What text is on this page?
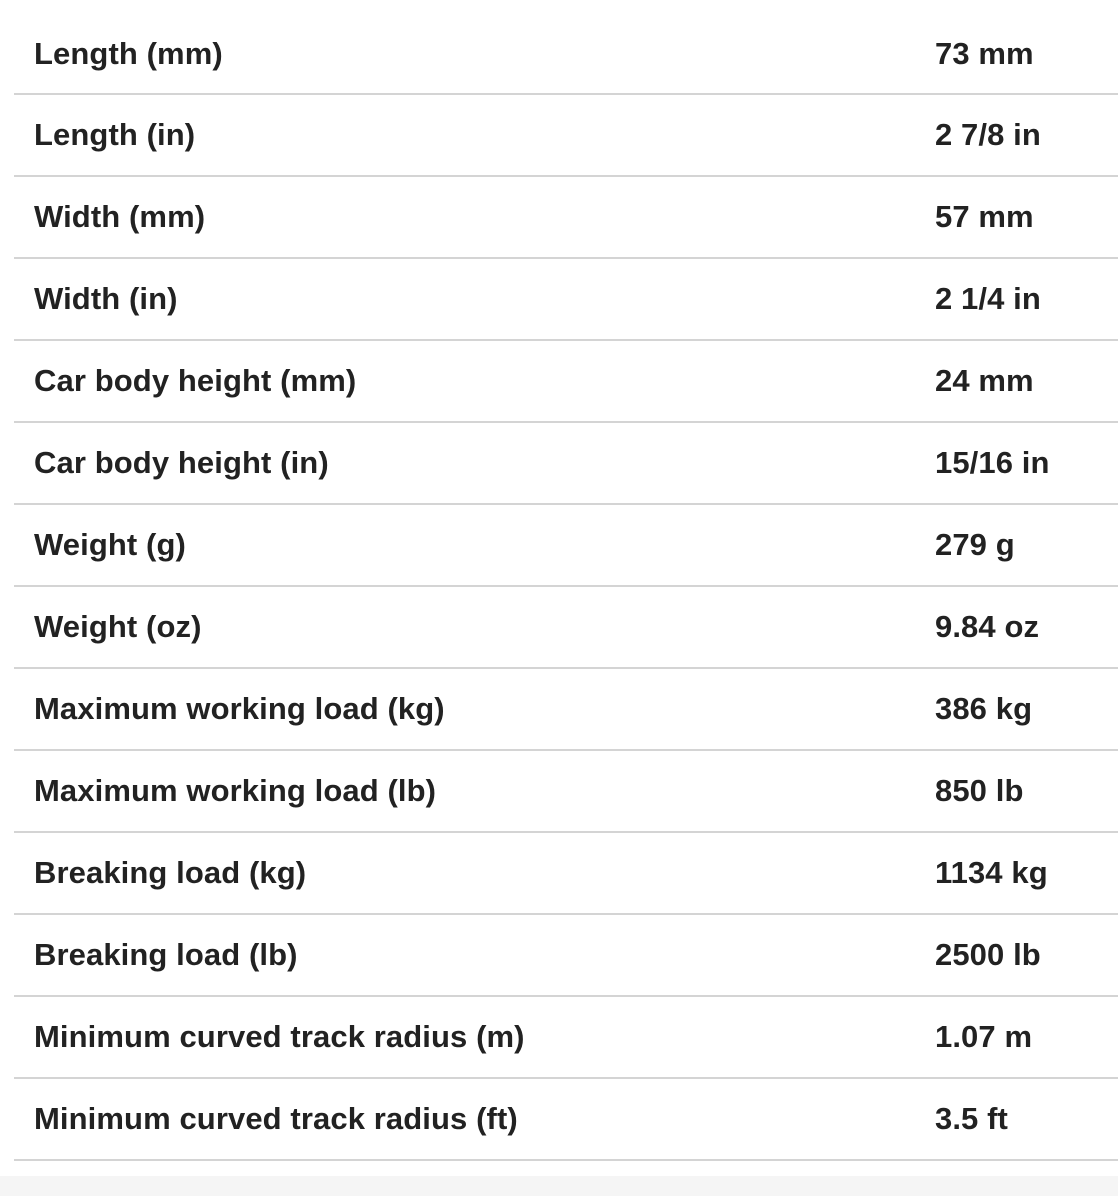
Length (mm)	73 mm
Length (in)	2 7/8 in
Width (mm)	57 mm
Width (in)	2 1/4 in
Car body height (mm)	24 mm
Car body height (in)	15/16 in
Weight (g)	279 g
Weight (oz)	9.84 oz
Maximum working load (kg)	386 kg
Maximum working load (lb)	850 lb
Breaking load (kg)	1134 kg
Breaking load (lb)	2500 lb
Minimum curved track radius (m)	1.07 m
Minimum curved track radius (ft)	3.5 ft
